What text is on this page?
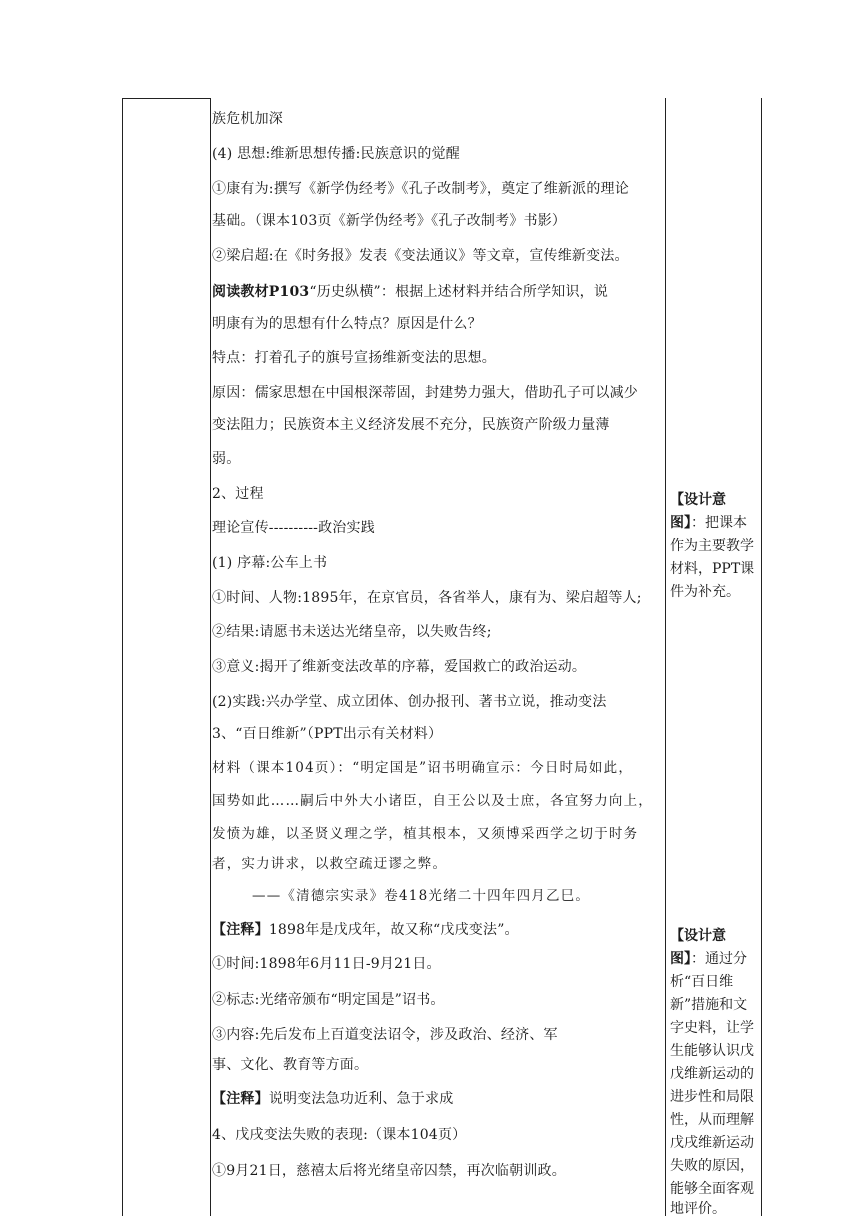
族危机加深
(4) 思想:维新思想传播:民族意识的觉醒
①康有为:撰写《新学伪经考》《孔子改制考》，奠定了维新派的理论
基础。（课本103页《新学伪经考》《孔子改制考》书影）
②梁启超:在《时务报》发表《变法通议》等文章，宣传维新变法。
阅读教材P103“历史纵横”：根据上述材料并结合所学知识，说
明康有为的思想有什么特点？原因是什么？
特点：打着孔子的旗号宣扬维新变法的思想。
原因：儒家思想在中国根深蒂固，封建势力强大，借助孔子可以减少
变法阻力；民族资本主义经济发展不充分，民族资产阶级力量薄
弱。
2、过程
理论宣传----------政治实践
(1) 序幕:公车上书
①时间、人物:1895年，在京官员，各省举人，康有为、梁启超等人;
②结果:请愿书未送达光绪皇帝，以失败告终;
③意义:揭开了维新变法改革的序幕，爱国救亡的政治运动。
(2)实践:兴办学堂、成立团体、创办报刊、著书立说，推动变法
3、“百日维新”（PPT出示有关材料）
材料（课本104页）：“明定国是”诏书明确宣示：今日时局如此，
国势如此……嗣后中外大小诸臣，自王公以及士庶，各宜努力向上，
发愤为雄，以圣贤义理之学，植其根本，又须博采西学之切于时务
者，实力讲求，以救空疏迂谬之弊。
——《清德宗实录》卷418光绪二十四年四月乙巳。
【注释】1898年是戊戌年，故又称“戊戌变法”。
①时间:1898年6月11日-9月21日。
②标志:光绪帝颁布“明定国是”诏书。
③内容:先后发布上百道变法诏令，涉及政治、经济、军
事、文化、教育等方面。
【注释】说明变法急功近利、急于求成
4、戊戌变法失败的表现:（课本104页）
①9月21日，慈禧太后将光绪皇帝囚禁，再次临朝训政。
【设计意
图】：把课本
作为主要教学
材料，PPT课
件为补充。
【设计意
图】：通过分
析“百日维
新”措施和文
字史料，让学
生能够认识戊
戊维新运动的
进步性和局限
性，从而理解
戊戌维新运动
失败的原因，
能够全面客观
地评价。
